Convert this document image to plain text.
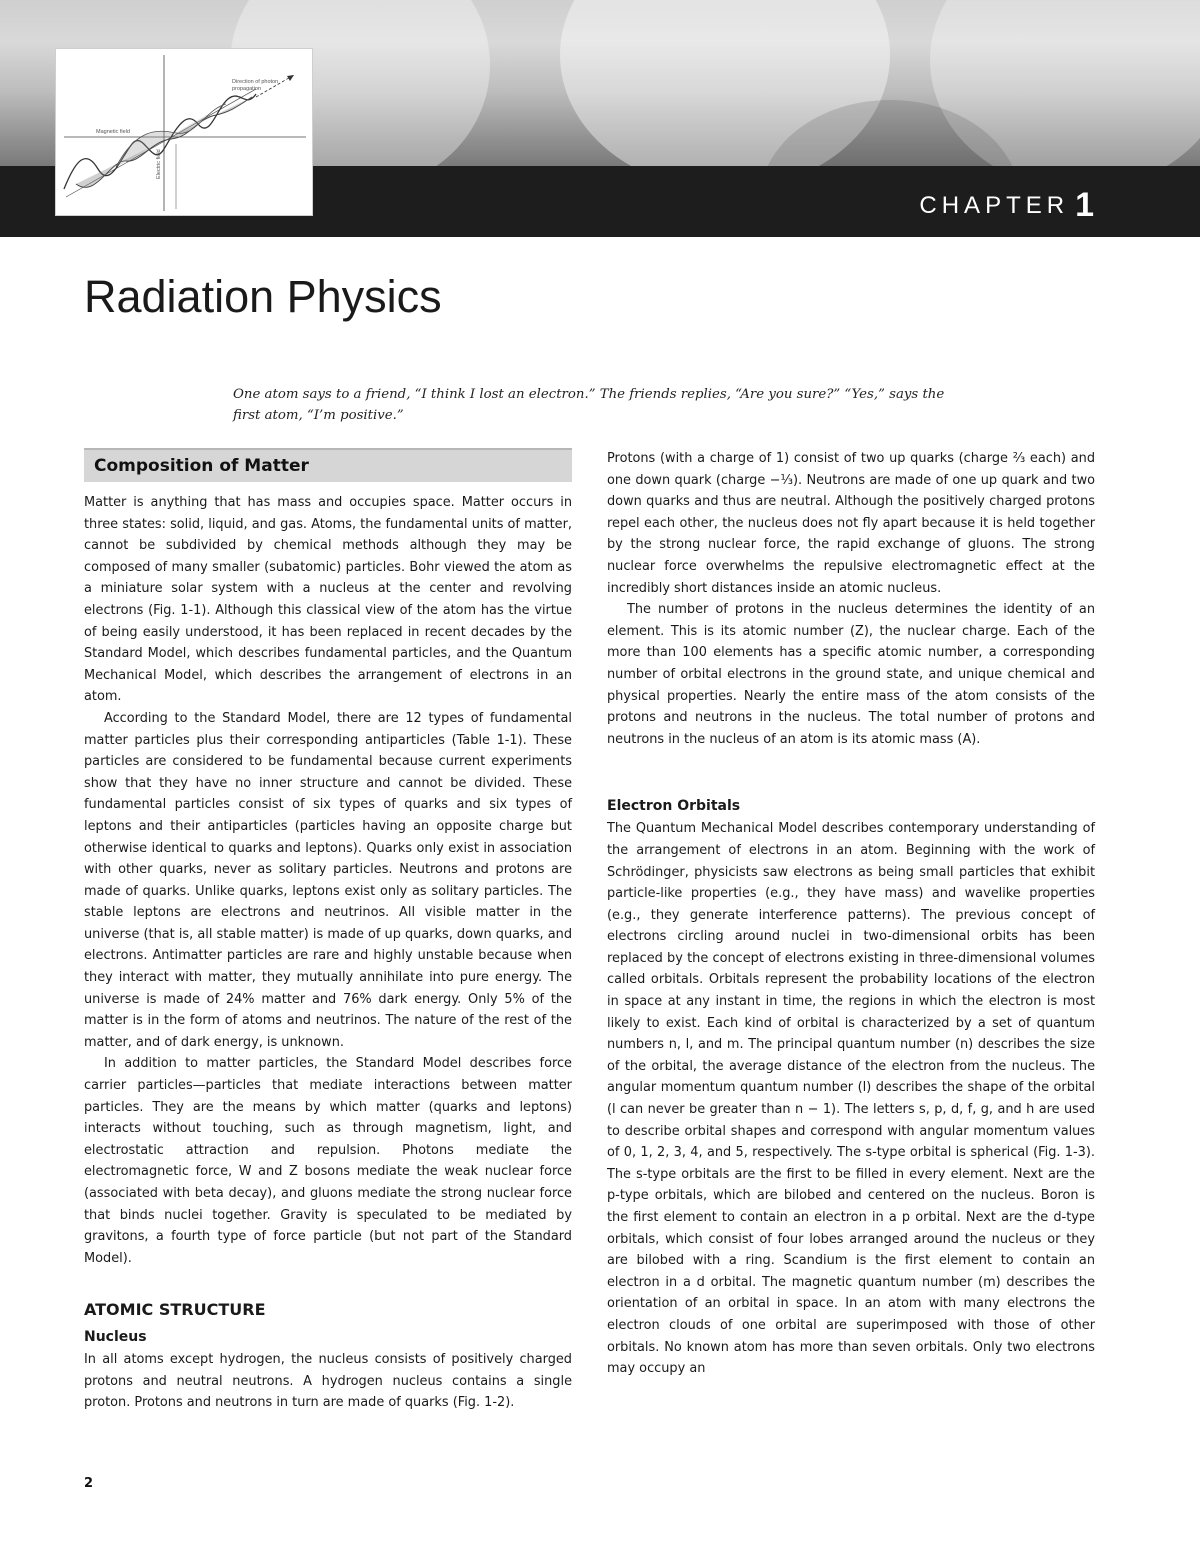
CHAPTER 1
Direction of photon propagation
Magnetic field
Electric field
Radiation Physics

One atom says to a friend, “I think I lost an electron.” The friends replies, “Are you sure?” “Yes,” says the first atom, “I’m positive.”

Composition of Matter

Matter is anything that has mass and occupies space. Matter occurs in three states: solid, liquid, and gas. Atoms, the fundamental units of matter, cannot be subdivided by chemical methods although they may be composed of many smaller (subatomic) particles. Bohr viewed the atom as a miniature solar system with a nucleus at the center and revolving electrons (Fig. 1-1). Although this classical view of the atom has the virtue of being easily understood, it has been replaced in recent decades by the Standard Model, which describes fundamental particles, and the Quantum Mechanical Model, which describes the arrangement of electrons in an atom.

According to the Standard Model, there are 12 types of fundamental matter particles plus their corresponding antiparticles (Table 1-1). These particles are considered to be fundamental because current experiments show that they have no inner structure and cannot be divided. These fundamental particles consist of six types of quarks and six types of leptons and their antiparticles (particles having an opposite charge but otherwise identical to quarks and leptons). Quarks only exist in association with other quarks, never as solitary particles. Neutrons and protons are made of quarks. Unlike quarks, leptons exist only as solitary particles. The stable leptons are electrons and neutrinos. All visible matter in the universe (that is, all stable matter) is made of up quarks, down quarks, and electrons. Antimatter particles are rare and highly unstable because when they interact with matter, they mutually annihilate into pure energy. The universe is made of 24% matter and 76% dark energy. Only 5% of the matter is in the form of atoms and neutrinos. The nature of the rest of the matter, and of dark energy, is unknown.

In addition to matter particles, the Standard Model describes force carrier particles—particles that mediate interactions between matter particles. They are the means by which matter (quarks and leptons) interacts without touching, such as through magnetism, light, and electrostatic attraction and repulsion. Photons mediate the electromagnetic force, W and Z bosons mediate the weak nuclear force (associated with beta decay), and gluons mediate the strong nuclear force that binds nuclei together. Gravity is speculated to be mediated by gravitons, a fourth type of force particle (but not part of the Standard Model).

ATOMIC STRUCTURE
Nucleus

In all atoms except hydrogen, the nucleus consists of positively charged protons and neutral neutrons. A hydrogen nucleus contains a single proton. Protons and neutrons in turn are made of quarks (Fig. 1-2).

Protons (with a charge of 1) consist of two up quarks (charge ⅔ each) and one down quark (charge −⅓). Neutrons are made of one up quark and two down quarks and thus are neutral. Although the positively charged protons repel each other, the nucleus does not fly apart because it is held together by the strong nuclear force, the rapid exchange of gluons. The strong nuclear force overwhelms the repulsive electromagnetic effect at the incredibly short distances inside an atomic nucleus.

The number of protons in the nucleus determines the identity of an element. This is its atomic number (Z), the nuclear charge. Each of the more than 100 elements has a specific atomic number, a corresponding number of orbital electrons in the ground state, and unique chemical and physical properties. Nearly the entire mass of the atom consists of the protons and neutrons in the nucleus. The total number of protons and neutrons in the nucleus of an atom is its atomic mass (A).

Electron Orbitals

The Quantum Mechanical Model describes contemporary understanding of the arrangement of electrons in an atom. Beginning with the work of Schrödinger, physicists saw electrons as being small particles that exhibit particle-like properties (e.g., they have mass) and wavelike properties (e.g., they generate interference patterns). The previous concept of electrons circling around nuclei in two-dimensional orbits has been replaced by the concept of electrons existing in three-dimensional volumes called orbitals. Orbitals represent the probability locations of the electron in space at any instant in time, the regions in which the electron is most likely to exist. Each kind of orbital is characterized by a set of quantum numbers n, l, and m. The principal quantum number (n) describes the size of the orbital, the average distance of the electron from the nucleus. The angular momentum quantum number (l) describes the shape of the orbital (l can never be greater than n − 1). The letters s, p, d, f, g, and h are used to describe orbital shapes and correspond with angular momentum values of 0, 1, 2, 3, 4, and 5, respectively. The s-type orbital is spherical (Fig. 1-3). The s-type orbitals are the first to be filled in every element. Next are the p-type orbitals, which are bilobed and centered on the nucleus. Boron is the first element to contain an electron in a p orbital. Next are the d-type orbitals, which consist of four lobes arranged around the nucleus or they are bilobed with a ring. Scandium is the first element to contain an electron in a d orbital. The magnetic quantum number (m) describes the orientation of an orbital in space. In an atom with many electrons the electron clouds of one orbital are superimposed with those of other orbitals. No known atom has more than seven orbitals. Only two electrons may occupy an

2
